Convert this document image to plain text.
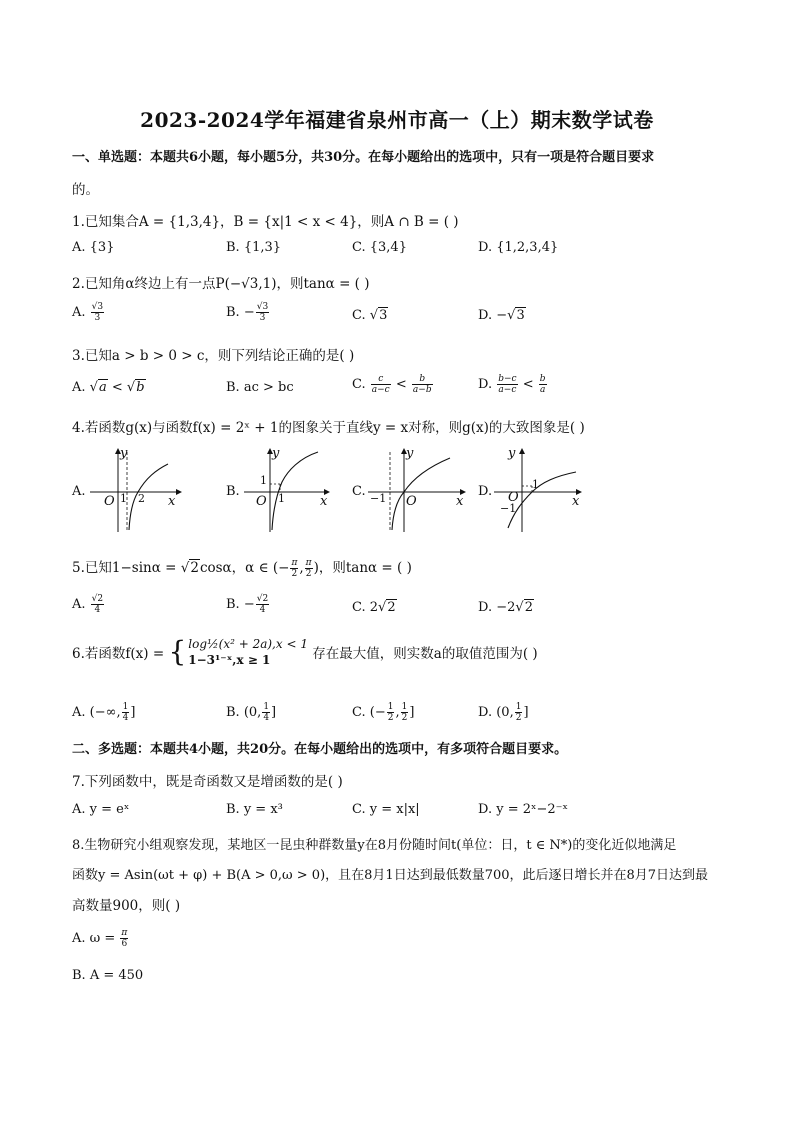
2023-2024学年福建省泉州市高一（上）期末数学试卷
一、单选题：本题共6小题，每小题5分，共30分。在每小题给出的选项中，只有一项是符合题目要求
的。
1.已知集合A = {1,3,4}，B = {x|1 < x < 4}，则A ∩ B = ( )
A. {3}	B. {1,3}	C. {3,4}	D. {1,2,3,4}
2.已知角α终边上有一点P(−√3,1)，则tanα = ( )
A. $\frac{√3}{3}$	B. − $\frac{√3}{3}$	C. √3	D. −√3
3.已知a > b > 0 > c，则下列结论正确的是( )
A. √a < √b	B. ac > bc	C. $\frac{c}{a-c} < \frac{b}{a-b}$	D. $\frac{b-c}{a-c} < \frac{b}{a}$
4.若函数g(x)与函数f(x) = 2ˣ + 1的图象关于直线y = x对称，则g(x)的大致图象是( )
A.
y
x
O 1 2	B.
y
x
O
1
1	C.
y
x
O
−1	D.
y
x
O
1
−1
5.已知1−sinα = √2cosα，α ∈ (− $\frac{\pi}{2}$ , $\frac{\pi}{2}$ )，则tanα = ( )
A. $\frac{√2}{4}$	B. − $\frac{√2}{4}$	C. 2√2	D. −2√2
6.若函数f(x) = { log½(x² + 2a),x < 1
1−3¹⁻ˣ,x ≥ 1	存在最大值，则实数a的取值范围为( )
A. (−∞, $\frac{1}{4}$ ]	B. (0, $\frac{1}{4}$ ]	C. (− $\frac{1}{2}$ , $\frac{1}{2}$ ]	D. (0, $\frac{1}{2}$ ]
二、多选题：本题共4小题，共20分。在每小题给出的选项中，有多项符合题目要求。
7.下列函数中，既是奇函数又是增函数的是( )
A. y = eˣ	B. y = x³	C. y = x|x|	D. y = 2ˣ−2⁻ˣ
8.生物研究小组观察发现，某地区一昆虫种群数量y在8月份随时间t(单位：日，t ∈ N*)的变化近似地满足
函数y = Asin(ωt + φ) + B(A > 0,ω > 0)，且在8月1日达到最低数量700，此后逐日增长并在8月7日达到最
高数量900，则( )
A. $\omega = \frac{\pi}{6}$
B. A = 450
